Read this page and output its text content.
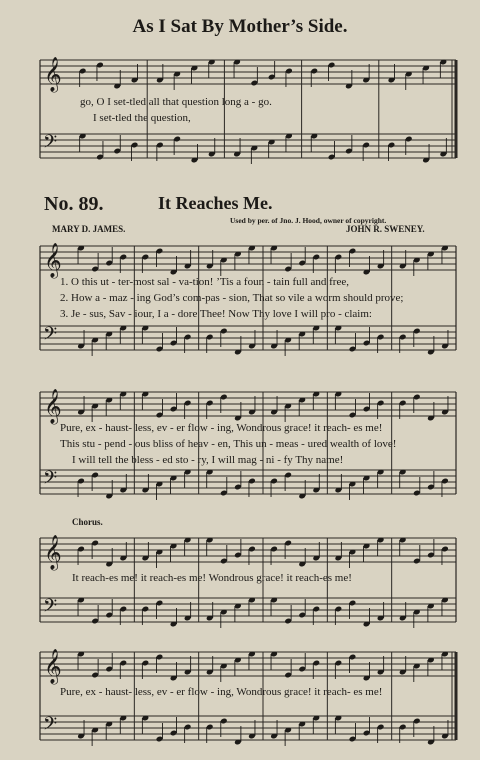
As I Sat By Mother’s Side.
go, O I set-tled all that question long a - go.
I set-tled the question,
No. 89.	It Reaches Me.
Used by per. of Jno. J. Hood, owner of copyright.
MARY D. JAMES.	JOHN R. SWENEY.
1. O this ut - ter-most sal - va-tion! ’Tis a foun - tain full and free,
2. How a - maz - ing God’s com-pas - sion, That so vile a worm should prove;
3. Je - sus, Sav - iour, I a - dore Thee! Now Thy love I will pro - claim:
Pure, ex - haust- less, ev - er flow - ing, Wondrous grace! it reach- es me!
This stu - pend - ous bliss of heav - en, This un - meas - ured wealth of love!
I will tell the bless - ed sto - ry, I will mag - ni - fy Thy name!
Chorus.
It reach-es me! it reach-es me! Wondrous grace! it reach-es me!
Pure, ex - haust- less, ev - er flow - ing, Wondrous grace! it reach- es me!
𝄞
𝄢
𝄞
𝄢
𝄞
𝄢
𝄞
𝄢
𝄞
𝄢
